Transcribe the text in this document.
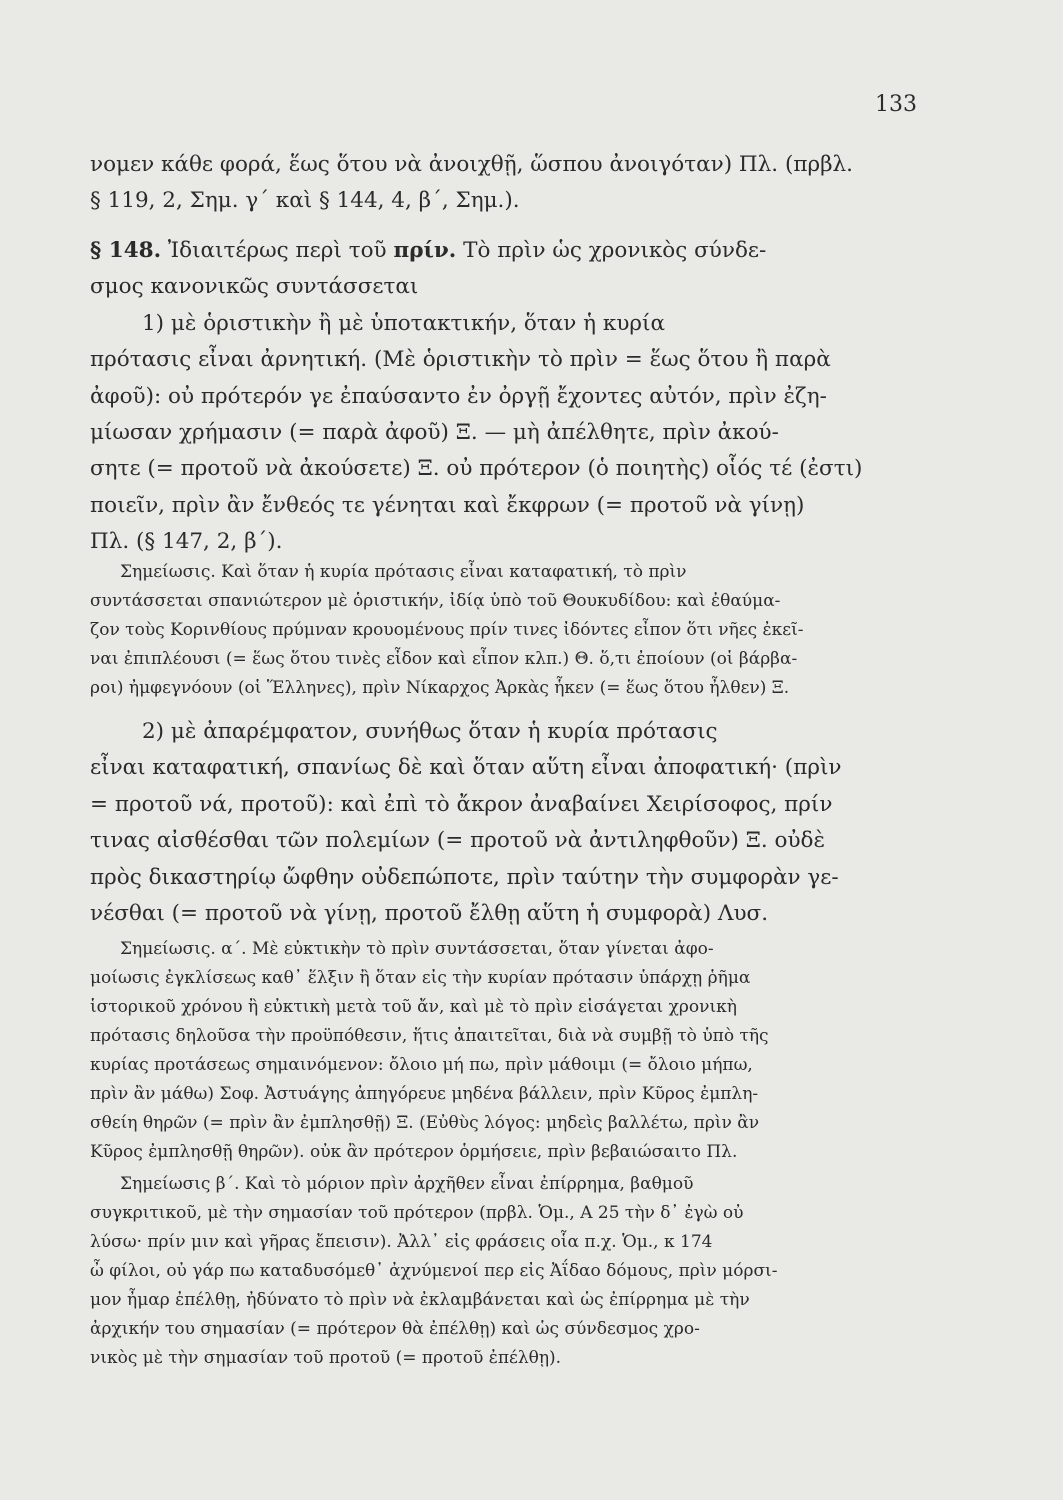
133

νομεν κάθε φορά, ἕως ὅτου νὰ ἀνοιχθῇ, ὥσπου ἀνοιγόταν) Πλ. (πρβλ.
§ 119, 2, Σημ. γ΄ καὶ § 144, 4, β΄, Σημ.).

§ 148. Ἰδιαιτέρως περὶ τοῦ πρίν. Τὸ πρὶν ὡς χρονικὸς σύνδε-
σμος κανονικῶς συντάσσεται
1) μὲ ὁριστικὴν ἢ μὲ ὑποτακτικήν, ὅταν ἡ κυρία
πρότασις εἶναι ἀρνητική. (Μὲ ὁριστικὴν τὸ πρὶν = ἕως ὅτου ἢ παρὰ
ἀφοῦ): οὐ πρότερόν γε ἐπαύσαντο ἐν ὀργῇ ἔχοντες αὐτόν, πρὶν ἐζη-
μίωσαν χρήμασιν (= παρὰ ἀφοῦ) Ξ. — μὴ ἀπέλθητε, πρὶν ἀκού-
σητε (= προτοῦ νὰ ἀκούσετε) Ξ. οὐ πρότερον (ὁ ποιητὴς) οἷός τέ (ἐστι)
ποιεῖν, πρὶν ἂν ἔνθεός τε γένηται καὶ ἔκφρων (= προτοῦ νὰ γίνῃ)
Πλ. (§ 147, 2, β΄).

Σημείωσις. Καὶ ὅταν ἡ κυρία πρότασις εἶναι καταφατική, τὸ πρὶν
συντάσσεται σπανιώτερον μὲ ὁριστικήν, ἰδίᾳ ὑπὸ τοῦ Θουκυδίδου: καὶ ἐθαύμα-
ζον τοὺς Κορινθίους πρύμναν κρουομένους πρίν τινες ἰδόντες εἶπον ὅτι νῆες ἐκεῖ-
ναι ἐπιπλέουσι (= ἕως ὅτου τινὲς εἶδον καὶ εἶπον κλπ.) Θ. ὅ,τι ἐποίουν (οἱ βάρβα-
ροι) ἠμφεγνόουν (οἱ Ἕλληνες), πρὶν Νίκαρχος Ἀρκὰς ἧκεν (= ἕως ὅτου ἦλθεν) Ξ.

2) μὲ ἀπαρέμφατον, συνήθως ὅταν ἡ κυρία πρότασις
εἶναι καταφατική, σπανίως δὲ καὶ ὅταν αὕτη εἶναι ἀποφατική· (πρὶν
= προτοῦ νά, προτοῦ): καὶ ἐπὶ τὸ ἄκρον ἀναβαίνει Χειρίσοφος, πρίν
τινας αἰσθέσθαι τῶν πολεμίων (= προτοῦ νὰ ἀντιληφθοῦν) Ξ. οὐδὲ
πρὸς δικαστηρίῳ ὤφθην οὐδεπώποτε, πρὶν ταύτην τὴν συμφορὰν γε-
νέσθαι (= προτοῦ νὰ γίνῃ, προτοῦ ἔλθῃ αὕτη ἡ συμφορὰ) Λυσ.

Σημείωσις. α΄. Μὲ εὐκτικὴν τὸ πρὶν συντάσσεται, ὅταν γίνεται ἀφο-
μοίωσις ἐγκλίσεως καθ᾽ ἕλξιν ἢ ὅταν εἰς τὴν κυρίαν πρότασιν ὑπάρχῃ ῥῆμα
ἱστορικοῦ χρόνου ἢ εὐκτικὴ μετὰ τοῦ ἄν, καὶ μὲ τὸ πρὶν εἰσάγεται χρονικὴ
πρότασις δηλοῦσα τὴν προϋπόθεσιν, ἥτις ἀπαιτεῖται, διὰ νὰ συμβῇ τὸ ὑπὸ τῆς
κυρίας προτάσεως σημαινόμενον: ὄλοιο μή πω, πρὶν μάθοιμι (= ὄλοιο μήπω,
πρὶν ἂν μάθω) Σοφ. Ἀστυάγης ἀπηγόρευε μηδένα βάλλειν, πρὶν Κῦρος ἐμπλη-
σθείη θηρῶν (= πρὶν ἂν ἐμπλησθῇ) Ξ. (Εὐθὺς λόγος: μηδεὶς βαλλέτω, πρὶν ἂν
Κῦρος ἐμπλησθῇ θηρῶν). οὐκ ἂν πρότερον ὁρμήσειε, πρὶν βεβαιώσαιτο Πλ.

Σημείωσις β΄. Καὶ τὸ μόριον πρὶν ἀρχῆθεν εἶναι ἐπίρρημα, βαθμοῦ
συγκριτικοῦ, μὲ τὴν σημασίαν τοῦ πρότερον (πρβλ. Ὁμ., Α 25 τὴν δ᾽ ἐγὼ οὐ
λύσω· πρίν μιν καὶ γῆρας ἔπεισιν). Ἀλλ᾽ εἰς φράσεις οἷα π.χ. Ὁμ., κ 174
ὦ φίλοι, οὐ γάρ πω καταδυσόμεθ᾽ ἀχνύμενοί περ εἰς Ἀΐδαο δόμους, πρὶν μόρσι-
μον ἦμαρ ἐπέλθῃ, ἠδύνατο τὸ πρὶν νὰ ἐκλαμβάνεται καὶ ὡς ἐπίρρημα μὲ τὴν
ἀρχικήν του σημασίαν (= πρότερον θὰ ἐπέλθῃ) καὶ ὡς σύνδεσμος χρο-
νικὸς μὲ τὴν σημασίαν τοῦ προτοῦ (= προτοῦ ἐπέλθῃ).
